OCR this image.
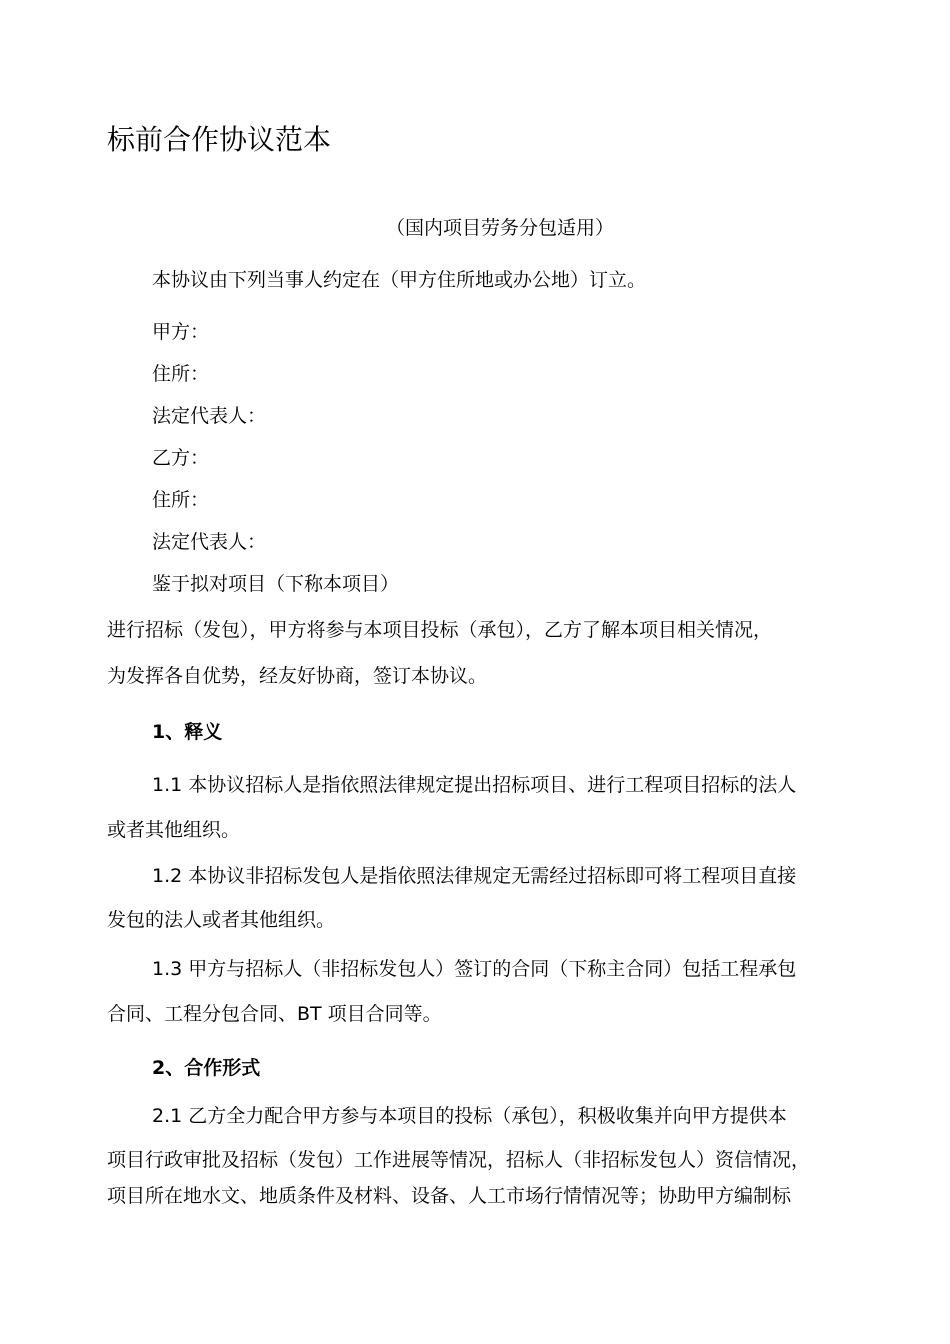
标前合作协议范本

（国内项目劳务分包适用）

本协议由下列当事人约定在（甲方住所地或办公地）订立。

甲方：

住所：

法定代表人：

乙方：

住所：

法定代表人：

鉴于拟对项目（下称本项目）

进行招标（发包），甲方将参与本项目投标（承包），乙方了解本项目相关情况，

为发挥各自优势，经友好协商，签订本协议。

1、释义

1.1 本协议招标人是指依照法律规定提出招标项目、进行工程项目招标的法人

或者其他组织。

1.2 本协议非招标发包人是指依照法律规定无需经过招标即可将工程项目直接

发包的法人或者其他组织。

1.3 甲方与招标人（非招标发包人）签订的合同（下称主合同）包括工程承包

合同、工程分包合同、BT 项目合同等。

2、合作形式

2.1 乙方全力配合甲方参与本项目的投标（承包），积极收集并向甲方提供本

项目行政审批及招标（发包）工作进展等情况，招标人（非招标发包人）资信情况，

项目所在地水文、地质条件及材料、设备、人工市场行情情况等；协助甲方编制标
